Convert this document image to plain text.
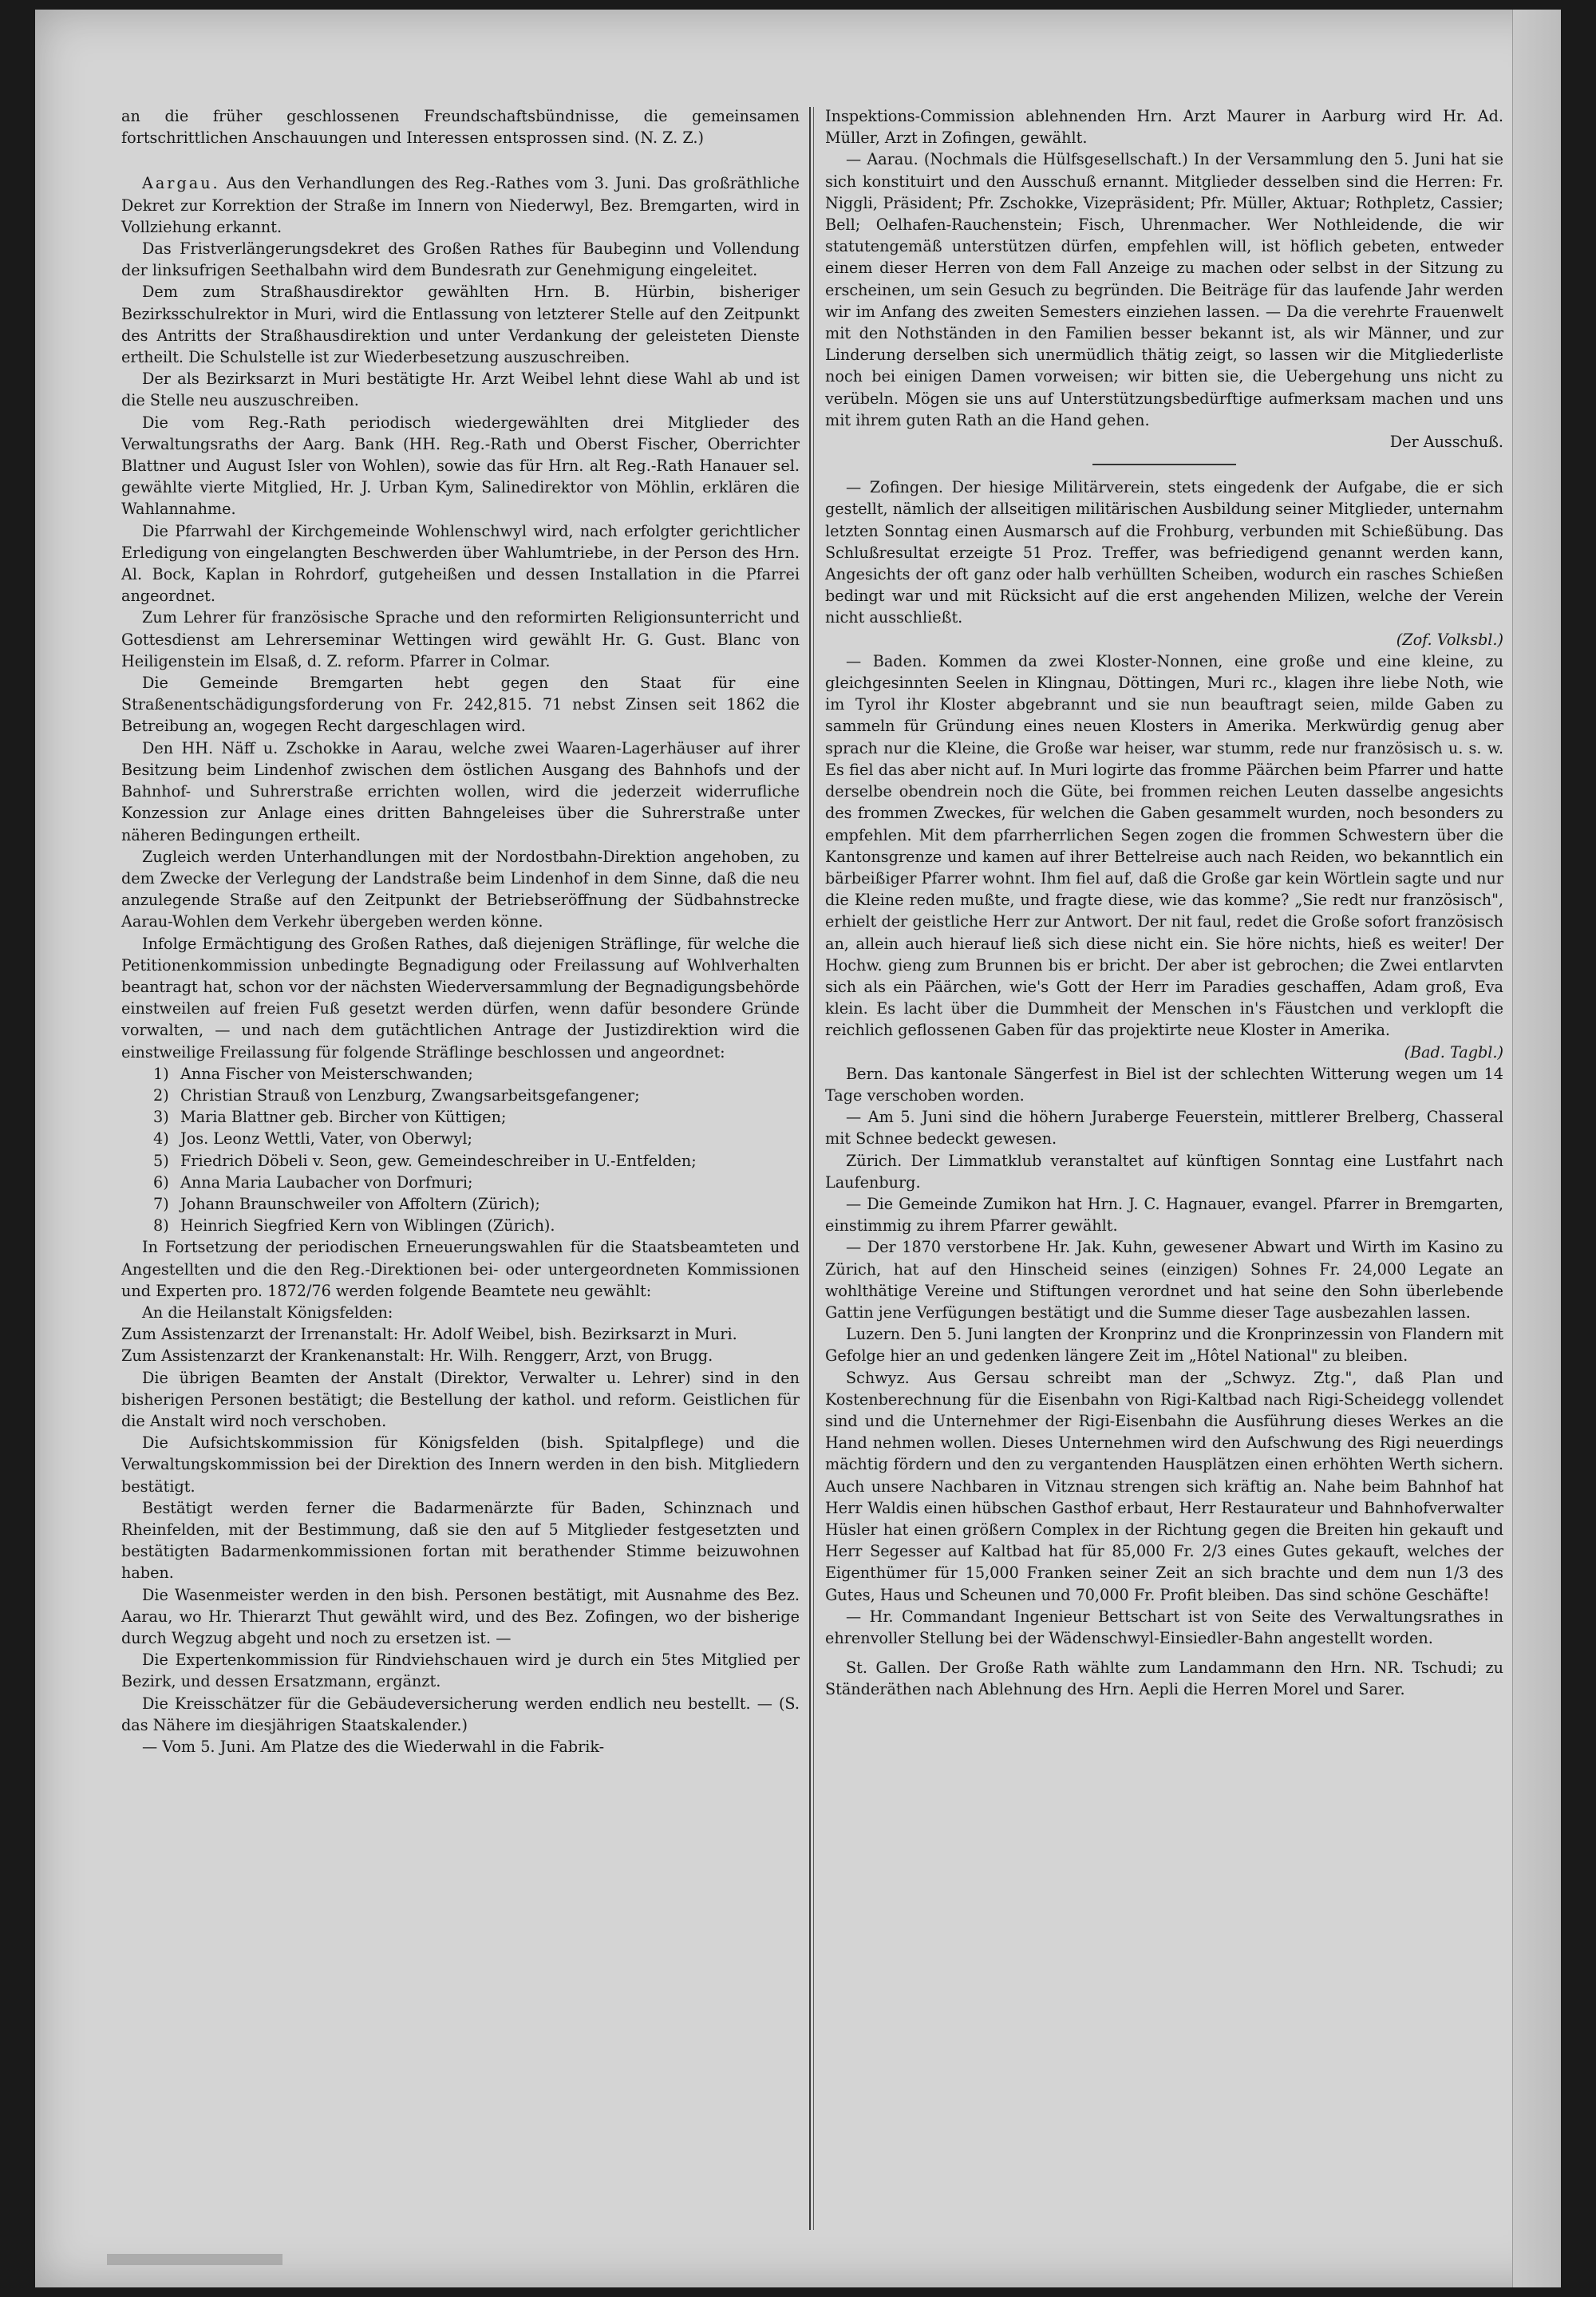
an die früher geschlossenen Freundschaftsbündnisse, die gemeinsamen fortschrittlichen Anschauungen und Interessen entsprossen sind. (N. Z. Z.)

Aargau. Aus den Verhandlungen des Reg.-Rathes vom 3. Juni. Das großräthliche Dekret zur Korrektion der Straße im Innern von Niederwyl, Bez. Bremgarten, wird in Vollziehung erkannt.

Das Fristverlängerungsdekret des Großen Rathes für Baubeginn und Vollendung der linksufrigen Seethalbahn wird dem Bundesrath zur Genehmigung eingeleitet.

Dem zum Straßhausdirektor gewählten Hrn. B. Hürbin, bisheriger Bezirksschulrektor in Muri, wird die Entlassung von letzterer Stelle auf den Zeitpunkt des Antritts der Straßhausdirektion und unter Verdankung der geleisteten Dienste ertheilt. Die Schulstelle ist zur Wiederbesetzung auszuschreiben.

Der als Bezirksarzt in Muri bestätigte Hr. Arzt Weibel lehnt diese Wahl ab und ist die Stelle neu auszuschreiben.

Die vom Reg.-Rath periodisch wiedergewählten drei Mitglieder des Verwaltungsraths der Aarg. Bank (HH. Reg.-Rath und Oberst Fischer, Oberrichter Blattner und August Isler von Wohlen), sowie das für Hrn. alt Reg.-Rath Hanauer sel. gewählte vierte Mitglied, Hr. J. Urban Kym, Salinedirektor von Möhlin, erklären die Wahlannahme.

Die Pfarrwahl der Kirchgemeinde Wohlenschwyl wird, nach erfolgter gerichtlicher Erledigung von eingelangten Beschwerden über Wahlumtriebe, in der Person des Hrn. Al. Bock, Kaplan in Rohrdorf, gutgeheißen und dessen Installation in die Pfarrei angeordnet.

Zum Lehrer für französische Sprache und den reformirten Religionsunterricht und Gottesdienst am Lehrerseminar Wettingen wird gewählt Hr. G. Gust. Blanc von Heiligenstein im Elsaß, d. Z. reform. Pfarrer in Colmar.

Die Gemeinde Bremgarten hebt gegen den Staat für eine Straßenentschädigungsforderung von Fr. 242,815. 71 nebst Zinsen seit 1862 die Betreibung an, wogegen Recht dargeschlagen wird.

Den HH. Näff u. Zschokke in Aarau, welche zwei Waaren-Lagerhäuser auf ihrer Besitzung beim Lindenhof zwischen dem östlichen Ausgang des Bahnhofs und der Bahnhof- und Suhrerstraße errichten wollen, wird die jederzeit widerrufliche Konzession zur Anlage eines dritten Bahngeleises über die Suhrerstraße unter näheren Bedingungen ertheilt.

Zugleich werden Unterhandlungen mit der Nordostbahn-Direktion angehoben, zu dem Zwecke der Verlegung der Landstraße beim Lindenhof in dem Sinne, daß die neu anzulegende Straße auf den Zeitpunkt der Betriebseröffnung der Südbahnstrecke Aarau-Wohlen dem Verkehr übergeben werden könne.

Infolge Ermächtigung des Großen Rathes, daß diejenigen Sträflinge, für welche die Petitionenkommission unbedingte Begnadigung oder Freilassung auf Wohlverhalten beantragt hat, schon vor der nächsten Wiederversammlung der Begnadigungsbehörde einstweilen auf freien Fuß gesetzt werden dürfen, wenn dafür besondere Gründe vorwalten, — und nach dem gutächtlichen Antrage der Justizdirektion wird die einstweilige Freilassung für folgende Sträflinge beschlossen und angeordnet:

1) Anna Fischer von Meisterschwanden;
2) Christian Strauß von Lenzburg, Zwangsarbeitsgefangener;
3) Maria Blattner geb. Bircher von Küttigen;
4) Jos. Leonz Wettli, Vater, von Oberwyl;
5) Friedrich Döbeli v. Seon, gew. Gemeindeschreiber in U.-Entfelden;
6) Anna Maria Laubacher von Dorfmuri;
7) Johann Braunschweiler von Affoltern (Zürich);
8) Heinrich Siegfried Kern von Wiblingen (Zürich).

In Fortsetzung der periodischen Erneuerungswahlen für die Staatsbeamteten und Angestellten und die den Reg.-Direktionen bei- oder untergeordneten Kommissionen und Experten pro. 1872/76 werden folgende Beamtete neu gewählt:

An die Heilanstalt Königsfelden:

Zum Assistenzarzt der Irrenanstalt: Hr. Adolf Weibel, bish. Bezirksarzt in Muri.

Zum Assistenzarzt der Krankenanstalt: Hr. Wilh. Renggerr, Arzt, von Brugg.

Die übrigen Beamten der Anstalt (Direktor, Verwalter u. Lehrer) sind in den bisherigen Personen bestätigt; die Bestellung der kathol. und reform. Geistlichen für die Anstalt wird noch verschoben.

Die Aufsichtskommission für Königsfelden (bish. Spitalpflege) und die Verwaltungskommission bei der Direktion des Innern werden in den bish. Mitgliedern bestätigt.

Bestätigt werden ferner die Badarmenärzte für Baden, Schinznach und Rheinfelden, mit der Bestimmung, daß sie den auf 5 Mitglieder festgesetzten und bestätigten Badarmenkommissionen fortan mit berathender Stimme beizuwohnen haben.

Die Wasenmeister werden in den bish. Personen bestätigt, mit Ausnahme des Bez. Aarau, wo Hr. Thierarzt Thut gewählt wird, und des Bez. Zofingen, wo der bisherige durch Wegzug abgeht und noch zu ersetzen ist. —

Die Expertenkommission für Rindviehschauen wird je durch ein 5tes Mitglied per Bezirk, und dessen Ersatzmann, ergänzt.

Die Kreisschätzer für die Gebäudeversicherung werden endlich neu bestellt. — (S. das Nähere im diesjährigen Staatskalender.)

— Vom 5. Juni. Am Platze des die Wiederwahl in die Fabrik-

Inspektions-Commission ablehnenden Hrn. Arzt Maurer in Aarburg wird Hr. Ad. Müller, Arzt in Zofingen, gewählt.

— Aarau. (Nochmals die Hülfsgesellschaft.) In der Versammlung den 5. Juni hat sie sich konstituirt und den Ausschuß ernannt. Mitglieder desselben sind die Herren: Fr. Niggli, Präsident; Pfr. Zschokke, Vizepräsident; Pfr. Müller, Aktuar; Rothpletz, Cassier; Bell; Oelhafen-Rauchenstein; Fisch, Uhrenmacher. Wer Nothleidende, die wir statutengemäß unterstützen dürfen, empfehlen will, ist höflich gebeten, entweder einem dieser Herren von dem Fall Anzeige zu machen oder selbst in der Sitzung zu erscheinen, um sein Gesuch zu begründen. Die Beiträge für das laufende Jahr werden wir im Anfang des zweiten Semesters einziehen lassen. — Da die verehrte Frauenwelt mit den Nothständen in den Familien besser bekannt ist, als wir Männer, und zur Linderung derselben sich unermüdlich thätig zeigt, so lassen wir die Mitgliederliste noch bei einigen Damen vorweisen; wir bitten sie, die Uebergehung uns nicht zu verübeln. Mögen sie uns auf Unterstützungsbedürftige aufmerksam machen und uns mit ihrem guten Rath an die Hand gehen.

Der Ausschuß.

— Zofingen. Der hiesige Militärverein, stets eingedenk der Aufgabe, die er sich gestellt, nämlich der allseitigen militärischen Ausbildung seiner Mitglieder, unternahm letzten Sonntag einen Ausmarsch auf die Frohburg, verbunden mit Schießübung. Das Schlußresultat erzeigte 51 Proz. Treffer, was befriedigend genannt werden kann, Angesichts der oft ganz oder halb verhüllten Scheiben, wodurch ein rasches Schießen bedingt war und mit Rücksicht auf die erst angehenden Milizen, welche der Verein nicht ausschließt.

(Zof. Volksbl.)

— Baden. Kommen da zwei Kloster-Nonnen, eine große und eine kleine, zu gleichgesinnten Seelen in Klingnau, Döttingen, Muri rc., klagen ihre liebe Noth, wie im Tyrol ihr Kloster abgebrannt und sie nun beauftragt seien, milde Gaben zu sammeln für Gründung eines neuen Klosters in Amerika. Merkwürdig genug aber sprach nur die Kleine, die Große war heiser, war stumm, rede nur französisch u. s. w. Es fiel das aber nicht auf. In Muri logirte das fromme Päärchen beim Pfarrer und hatte derselbe obendrein noch die Güte, bei frommen reichen Leuten dasselbe angesichts des frommen Zweckes, für welchen die Gaben gesammelt wurden, noch besonders zu empfehlen. Mit dem pfarrherrlichen Segen zogen die frommen Schwestern über die Kantonsgrenze und kamen auf ihrer Bettelreise auch nach Reiden, wo bekanntlich ein bärbeißiger Pfarrer wohnt. Ihm fiel auf, daß die Große gar kein Wörtlein sagte und nur die Kleine reden mußte, und fragte diese, wie das komme? „Sie redt nur französisch", erhielt der geistliche Herr zur Antwort. Der nit faul, redet die Große sofort französisch an, allein auch hierauf ließ sich diese nicht ein. Sie höre nichts, hieß es weiter! Der Hochw. gieng zum Brunnen bis er bricht. Der aber ist gebrochen; die Zwei entlarvten sich als ein Päärchen, wie's Gott der Herr im Paradies geschaffen, Adam groß, Eva klein. Es lacht über die Dummheit der Menschen in's Fäustchen und verklopft die reichlich geflossenen Gaben für das projektirte neue Kloster in Amerika.

(Bad. Tagbl.)

Bern. Das kantonale Sängerfest in Biel ist der schlechten Witterung wegen um 14 Tage verschoben worden.

— Am 5. Juni sind die höhern Juraberge Feuerstein, mittlerer Brelberg, Chasseral mit Schnee bedeckt gewesen.

Zürich. Der Limmatklub veranstaltet auf künftigen Sonntag eine Lustfahrt nach Laufenburg.

— Die Gemeinde Zumikon hat Hrn. J. C. Hagnauer, evangel. Pfarrer in Bremgarten, einstimmig zu ihrem Pfarrer gewählt.

— Der 1870 verstorbene Hr. Jak. Kuhn, gewesener Abwart und Wirth im Kasino zu Zürich, hat auf den Hinscheid seines (einzigen) Sohnes Fr. 24,000 Legate an wohlthätige Vereine und Stiftungen verordnet und hat seine den Sohn überlebende Gattin jene Verfügungen bestätigt und die Summe dieser Tage ausbezahlen lassen.

Luzern. Den 5. Juni langten der Kronprinz und die Kronprinzessin von Flandern mit Gefolge hier an und gedenken längere Zeit im „Hôtel National" zu bleiben.

Schwyz. Aus Gersau schreibt man der „Schwyz. Ztg.", daß Plan und Kostenberechnung für die Eisenbahn von Rigi-Kaltbad nach Rigi-Scheidegg vollendet sind und die Unternehmer der Rigi-Eisenbahn die Ausführung dieses Werkes an die Hand nehmen wollen. Dieses Unternehmen wird den Aufschwung des Rigi neuerdings mächtig fördern und den zu vergantenden Hausplätzen einen erhöhten Werth sichern. Auch unsere Nachbaren in Vitznau strengen sich kräftig an. Nahe beim Bahnhof hat Herr Waldis einen hübschen Gasthof erbaut, Herr Restaurateur und Bahnhofverwalter Hüsler hat einen größern Complex in der Richtung gegen die Breiten hin gekauft und Herr Segesser auf Kaltbad hat für 85,000 Fr. 2/3 eines Gutes gekauft, welches der Eigenthümer für 15,000 Franken seiner Zeit an sich brachte und dem nun 1/3 des Gutes, Haus und Scheunen und 70,000 Fr. Profit bleiben. Das sind schöne Geschäfte!

— Hr. Commandant Ingenieur Bettschart ist von Seite des Verwaltungsrathes in ehrenvoller Stellung bei der Wädenschwyl-Einsiedler-Bahn angestellt worden.

St. Gallen. Der Große Rath wählte zum Landammann den Hrn. NR. Tschudi; zu Ständeräthen nach Ablehnung des Hrn. Aepli die Herren Morel und Sarer.
